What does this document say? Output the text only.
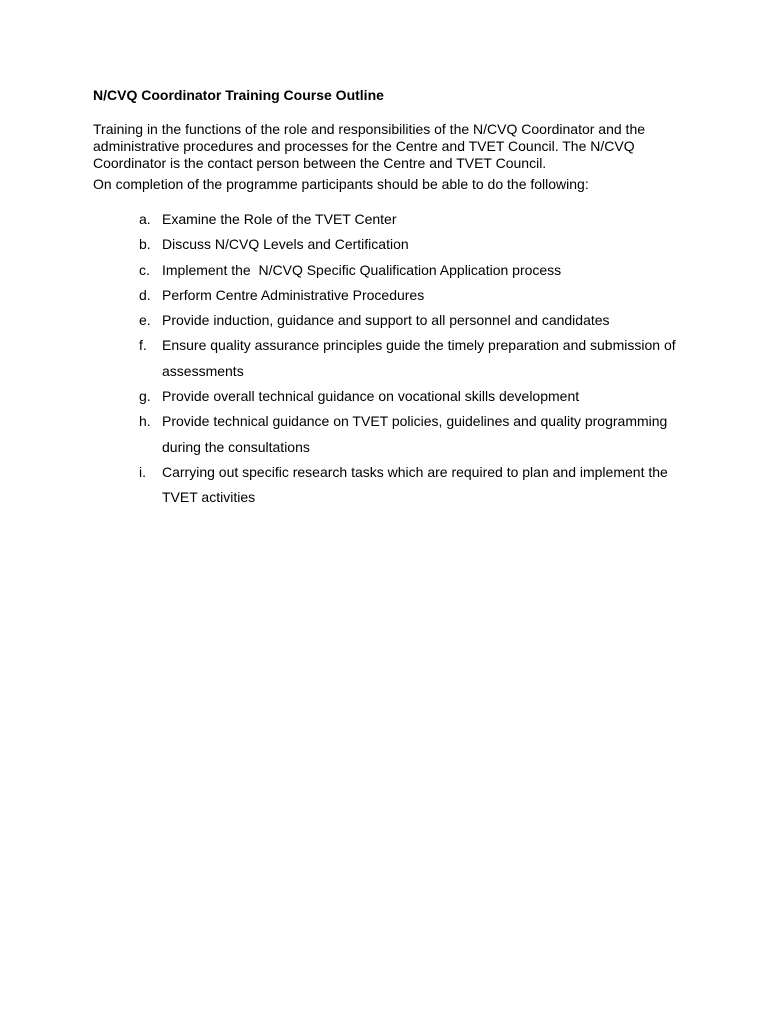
N/CVQ Coordinator Training Course Outline

Training in the functions of the role and responsibilities of the N/CVQ Coordinator and the administrative procedures and processes for the Centre and TVET Council. The N/CVQ Coordinator is the contact person between the Centre and TVET Council.

On completion of the programme participants should be able to do the following:

a. Examine the Role of the TVET Center
b. Discuss N/CVQ Levels and Certification
c. Implement the  N/CVQ Specific Qualification Application process
d. Perform Centre Administrative Procedures
e. Provide induction, guidance and support to all personnel and candidates
f. Ensure quality assurance principles guide the timely preparation and submission of assessments
g. Provide overall technical guidance on vocational skills development
h. Provide technical guidance on TVET policies, guidelines and quality programming during the consultations
i. Carrying out specific research tasks which are required to plan and implement the TVET activities
